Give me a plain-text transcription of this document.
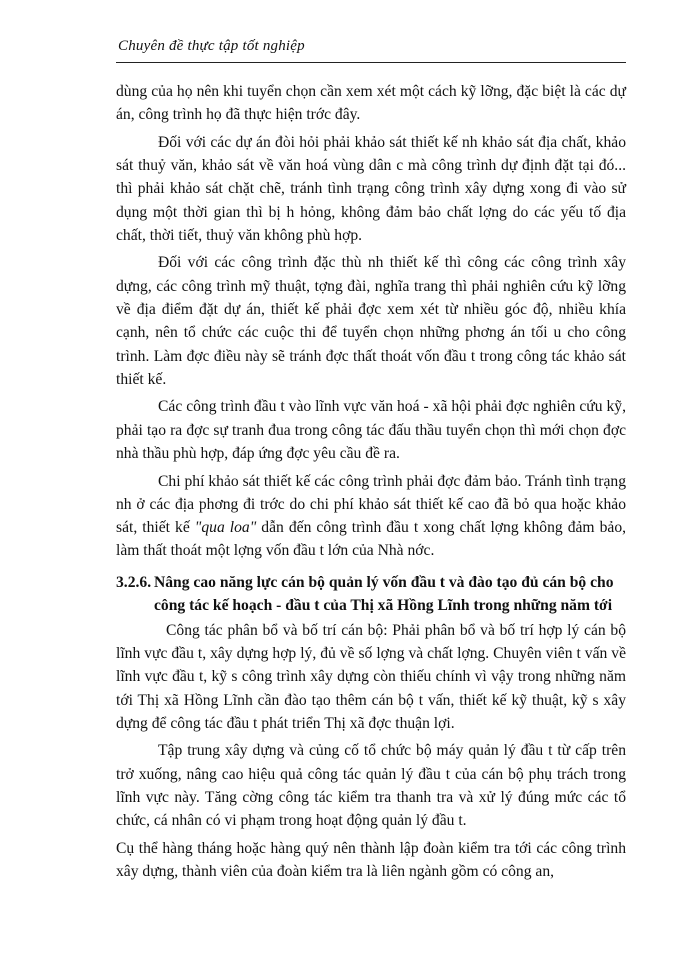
Chuyên đề thực tập tốt nghiệp

dùng của họ nên khi tuyển chọn cần xem xét một cách kỹ lỡng, đặc biệt là các dự án, công trình họ đã thực hiện trớc đây.

Đối với các dự án đòi hỏi phải khảo sát thiết kế nh khảo sát địa chất, khảo sát thuỷ văn, khảo sát về văn hoá vùng dân c mà công trình dự định đặt tại đó... thì phải khảo sát chặt chẽ, tránh tình trạng công trình xây dựng xong đi vào sử dụng một thời gian thì bị h hỏng, không đảm bảo chất lợng do các yếu tố địa chất, thời tiết, thuỷ văn không phù hợp.

Đối với các công trình đặc thù nh thiết kế thì công các công trình xây dựng, các công trình mỹ thuật, tợng đài, nghĩa trang thì phải nghiên cứu kỹ lỡng về địa điểm đặt dự án, thiết kế phải đợc xem xét từ nhiều góc độ, nhiều khía cạnh, nên tổ chức các cuộc thi để tuyển chọn những phơng án tối u cho công trình. Làm đợc điều này sẽ tránh đợc thất thoát vốn đầu t trong công tác khảo sát thiết kế.

Các công trình đầu t vào lĩnh vực văn hoá - xã hội phải đợc nghiên cứu kỹ, phải tạo ra đợc sự tranh đua trong công tác đấu thầu tuyển chọn thì mới chọn đợc nhà thầu phù hợp, đáp ứng đợc yêu cầu đề ra.

Chi phí khảo sát thiết kế các công trình phải đợc đảm bảo. Tránh tình trạng nh ở các địa phơng đi trớc do chi phí khảo sát thiết kế cao đã bỏ qua hoặc khảo sát, thiết kế "qua loa" dẫn đến công trình đầu t xong chất lợng không đảm bảo, làm thất thoát một lợng vốn đầu t lớn của Nhà nớc.

3.2.6. Nâng cao năng lực cán bộ quản lý vốn đầu t và đào tạo đủ cán bộ cho công tác kế hoạch - đầu t của Thị xã Hồng Lĩnh trong những năm tới

Công tác phân bổ và bố trí cán bộ: Phải phân bổ và bố trí hợp lý cán bộ lĩnh vực đầu t, xây dựng hợp lý, đủ về số lợng và chất lợng. Chuyên viên t vấn về lĩnh vực đầu t, kỹ s công trình xây dựng còn thiếu chính vì vậy trong những năm tới Thị xã Hồng Lĩnh cần đào tạo thêm cán bộ t vấn, thiết kế kỹ thuật, kỹ s xây dựng để công tác đầu t phát triển Thị xã đợc thuận lợi.

Tập trung xây dựng và củng cố tổ chức bộ máy quản lý đầu t từ cấp trên trở xuống, nâng cao hiệu quả công tác quản lý đầu t của cán bộ phụ trách trong lĩnh vực này. Tăng cờng công tác kiểm tra thanh tra và xử lý đúng mức các tổ chức, cá nhân có vi phạm trong hoạt động quản lý đầu t.

Cụ thể hàng tháng hoặc hàng quý nên thành lập đoàn kiểm tra tới các công trình xây dựng, thành viên của đoàn kiểm tra là liên ngành gồm có công an,
